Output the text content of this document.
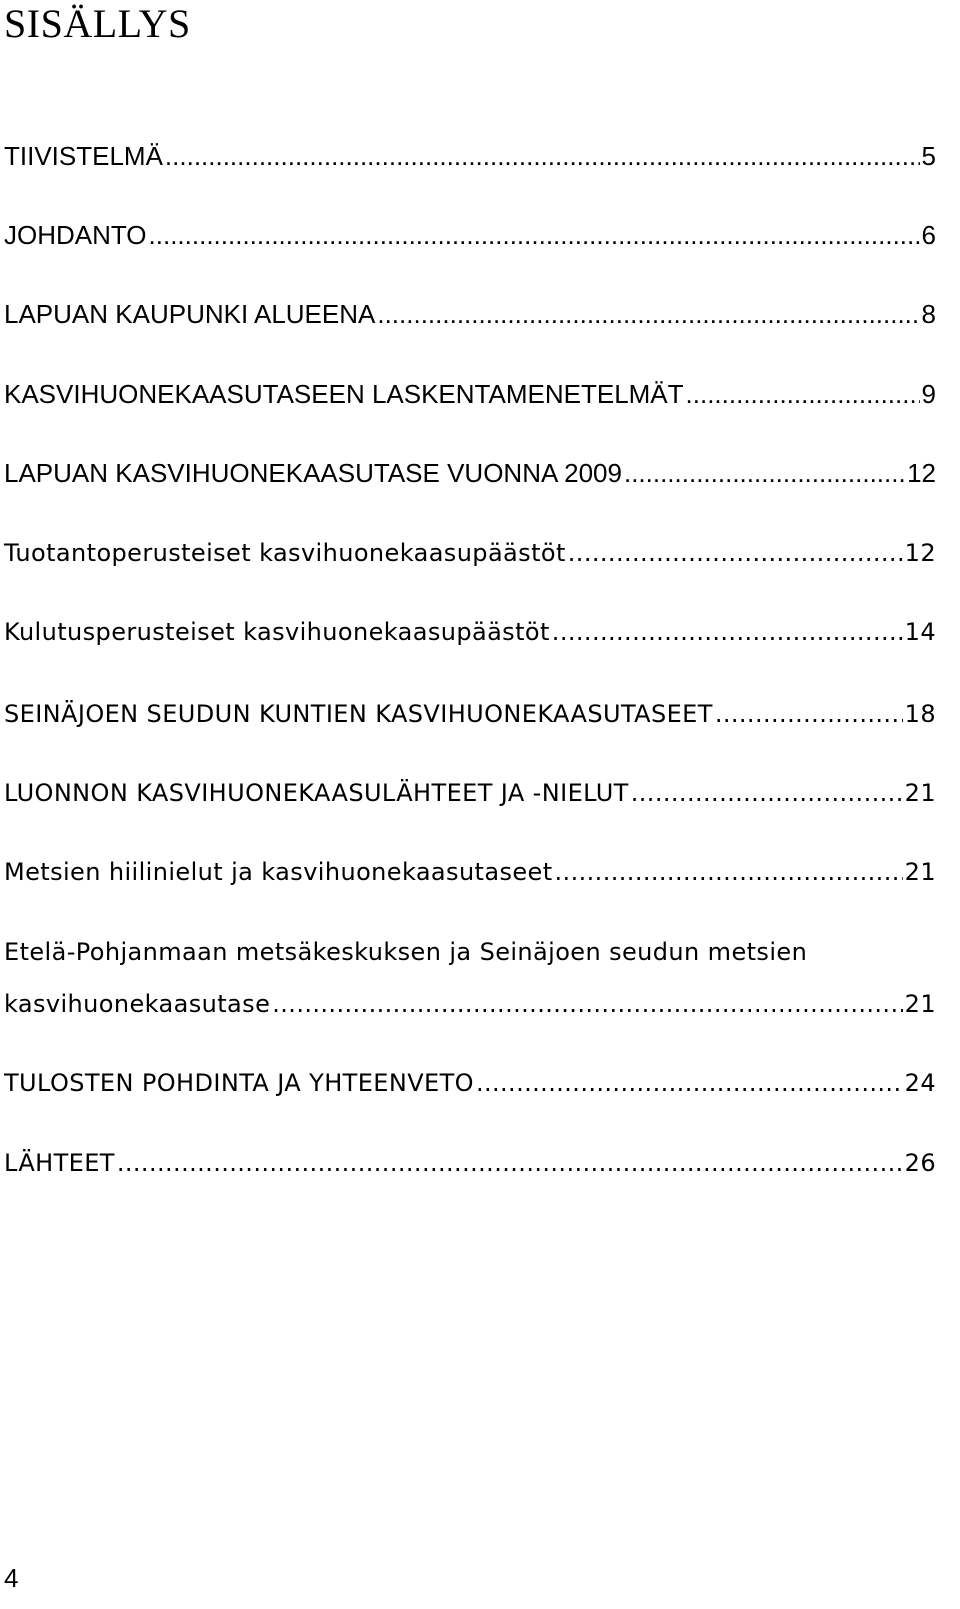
SISÄLLYS
TIIVISTELMÄ .....	5
JOHDANTO .....	6
LAPUAN KAUPUNKI ALUEENA .....	8
KASVIHUONEKAASUTASEEN LASKENTAMENETELMÄT .....	9
LAPUAN KASVIHUONEKAASUTASE VUONNA 2009 .....	12
Tuotantoperusteiset kasvihuonekaasupäästöt .....	12
Kulutusperusteiset kasvihuonekaasupäästöt .....	14
SEINÄJOEN SEUDUN KUNTIEN KASVIHUONEKAASUTASEET .....	18
LUONNON KASVIHUONEKAASULÄHTEET JA -NIELUT .....	21
Metsien hiilinielut ja kasvihuonekaasutaseet .....	21
Etelä-Pohjanmaan metsäkeskuksen ja Seinäjoen seudun metsien
kasvihuonekaasutase .....	21
TULOSTEN POHDINTA JA YHTEENVETO .....	24
LÄHTEET .....	26
4
